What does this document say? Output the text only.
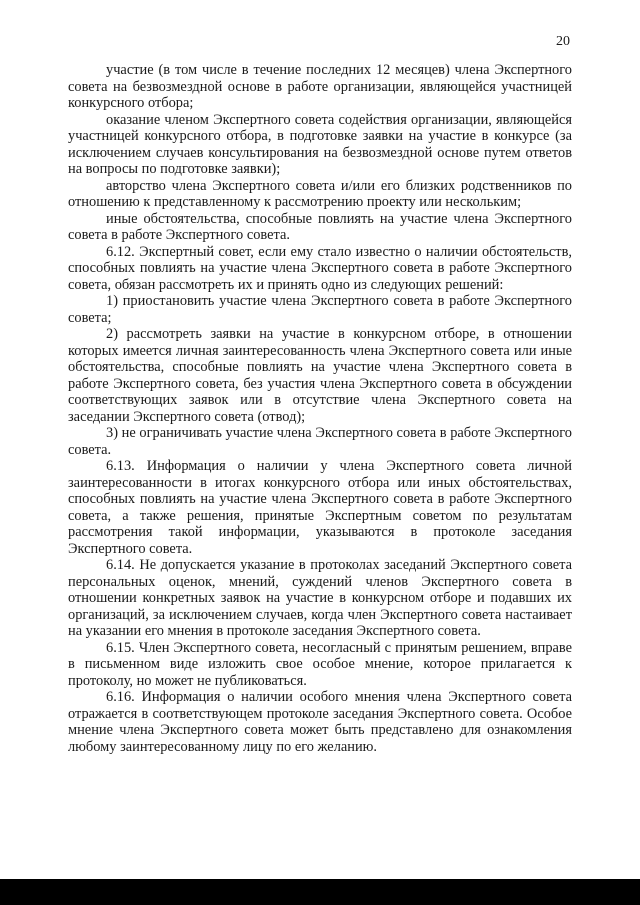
20

участие (в том числе в течение последних 12 месяцев) члена Экспертного совета на безвозмездной основе в работе организации, являющейся участницей конкурсного отбора;

оказание членом Экспертного совета содействия организации, являющейся участницей конкурсного отбора, в подготовке заявки на участие в конкурсе (за исключением случаев консультирования на безвозмездной основе путем ответов на вопросы по подготовке заявки);

авторство члена Экспертного совета и/или его близких родственников по отношению к представленному к рассмотрению проекту или нескольким;

иные обстоятельства, способные повлиять на участие члена Экспертного совета в работе Экспертного совета.

6.12. Экспертный совет, если ему стало известно о наличии обстоятельств, способных повлиять на участие члена Экспертного совета в работе Экспертного совета, обязан рассмотреть их и принять одно из следующих решений:

1) приостановить участие члена Экспертного совета в работе Экспертного совета;

2) рассмотреть заявки на участие в конкурсном отборе, в отношении которых имеется личная заинтересованность члена Экспертного совета или иные обстоятельства, способные повлиять на участие члена Экспертного совета в работе Экспертного совета, без участия члена Экспертного совета в обсуждении соответствующих заявок или в отсутствие члена Экспертного совета на заседании Экспертного совета (отвод);

3) не ограничивать участие члена Экспертного совета в работе Экспертного совета.

6.13. Информация о наличии у члена Экспертного совета личной заинтересованности в итогах конкурсного отбора или иных обстоятельствах, способных повлиять на участие члена Экспертного совета в работе Экспертного совета, а также решения, принятые Экспертным советом по результатам рассмотрения такой информации, указываются в протоколе заседания Экспертного совета.

6.14. Не допускается указание в протоколах заседаний Экспертного совета персональных оценок, мнений, суждений членов Экспертного совета в отношении конкретных заявок на участие в конкурсном отборе и подавших их организаций, за исключением случаев, когда член Экспертного совета настаивает на указании его мнения в протоколе заседания Экспертного совета.

6.15. Член Экспертного совета, несогласный с принятым решением, вправе в письменном виде изложить свое особое мнение, которое прилагается к протоколу, но может не публиковаться.

6.16. Информация о наличии особого мнения члена Экспертного совета отражается в соответствующем протоколе заседания Экспертного совета. Особое мнение члена Экспертного совета может быть представлено для ознакомления любому заинтересованному лицу по его желанию.
